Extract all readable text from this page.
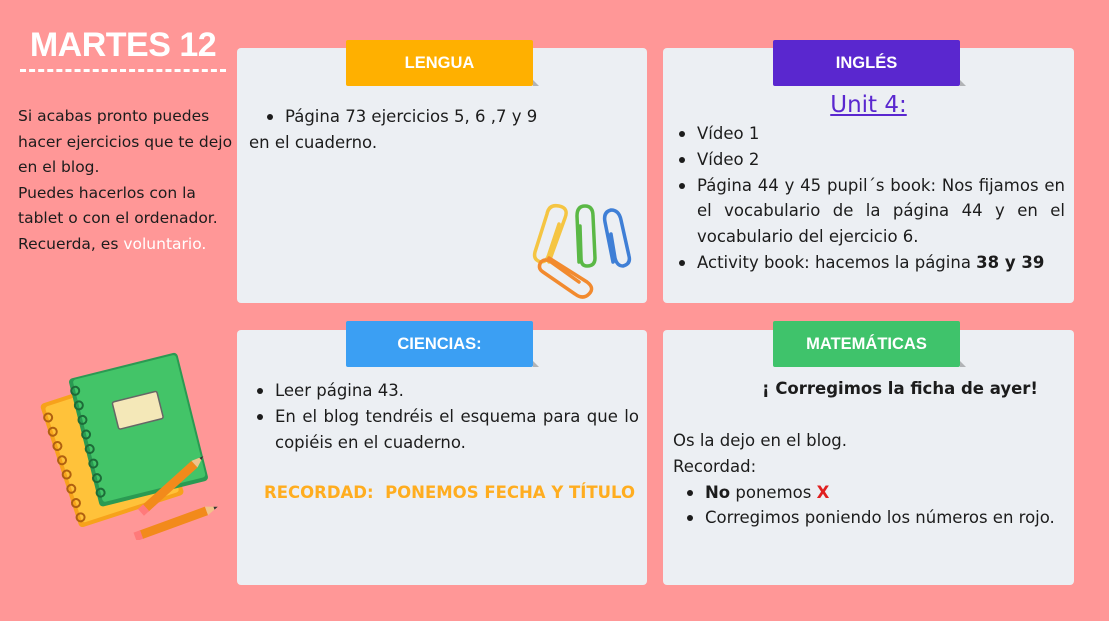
MARTES 12
Si acabas pronto puedes hacer ejercicios que te dejo en el blog.
Puedes hacerlos con la tablet o con el ordenador.
Recuerda, es voluntario.
Página 73 ejercicios 5, 6 ,7 y 9
en el cuaderno.
LENGUA
Unit 4:
Vídeo 1
Vídeo 2
Página 44 y 45 pupil´s book: Nos fijamos en el vocabulario de la página 44 y en el vocabulario del ejercicio 6.
Activity book: hacemos la página 38 y 39
INGLÉS
Leer página 43.
En el blog tendréis el esquema para que lo copiéis en el cuaderno.
RECORDAD:  PONEMOS FECHA Y TÍTULO
CIENCIAS:
¡ Corregimos la ficha de ayer!
Os la dejo en el blog.
Recordad:
No ponemos X
Corregimos poniendo los números en rojo.
MATEMÁTICAS
